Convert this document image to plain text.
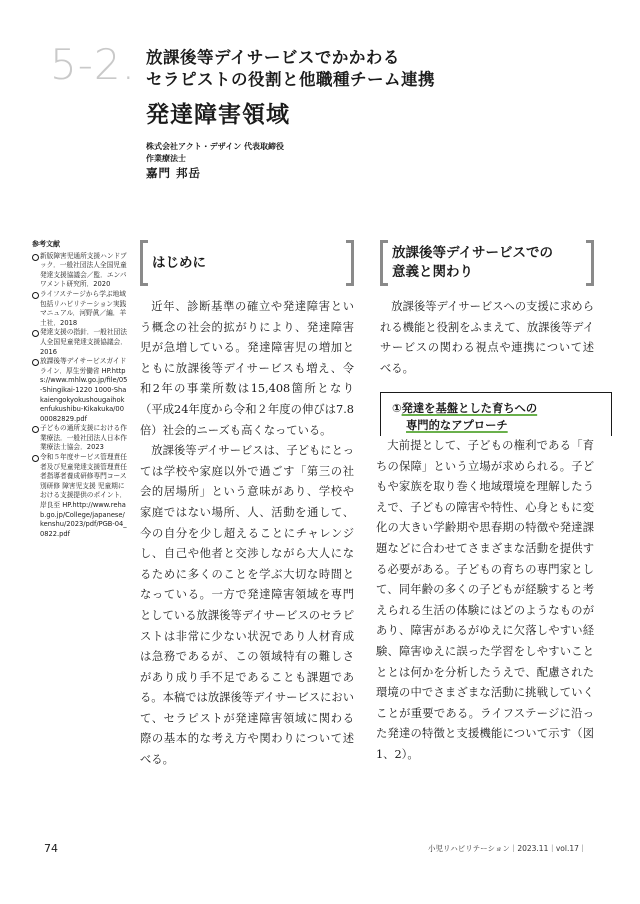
5-2. 放課後等デイサービスでかかわる
セラピストの役割と他職種チーム連携
発達障害領域
株式会社アクト・デザイン 代表取締役
作業療法士
嘉門 邦岳
参考文献
新版障害児通所支援ハンドブック．一般社団法人全国児童発達支援協議会／監．エンパワメント研究所．2020
ライフステージから学ぶ地域包括リハビリテーション実践マニュアル．河野眞／編．羊土社．2018
発達支援の指針．一般社団法人全国児童発達支援協議会．2016
放課後等デイサービスガイドライン．厚生労働省 HP.https://www.mhlw.go.jp/file/05-Shingikai-1220 1000-Shakaiengokyokushougaihokenfukushibu-Kikakuka/0000082829.pdf
子どもの通所支援における作業療法．一般社団法人日本作業療法士協会．2023
令和５年度サービス管理責任者及び児童発達支援管理責任者指導者養成研修専門コース別研修 障害児支援 児童期における支援提供のポイント．岸良至 HP.http://www.rehab.go.jp/College/japanese/kenshu/2023/pdf/PGB-04_0822.pdf
はじめに

近年、診断基準の確立や発達障害という概念の社会的拡がりにより、発達障害児が急増している。発達障害児の増加とともに放課後等デイサービスも増え、令和2年の事業所数は15,408箇所となり（平成24年度から令和２年度の伸びは7.8倍）社会的ニーズも高くなっている。

放課後等デイサービスは、子どもにとっては学校や家庭以外で過ごす「第三の社会的居場所」という意味があり、学校や家庭ではない場所、人、活動を通して、今の自分を少し超えることにチャレンジし、自己や他者と交渉しながら大人になるために多くのことを学ぶ大切な時間となっている。一方で発達障害領域を専門としている放課後等デイサービスのセラピストは非常に少ない状況であり人材育成は急務であるが、この領域特有の難しさがあり成り手不足であることも課題である。本稿では放課後等デイサービスにおいて、セラピストが発達障害領域に関わる際の基本的な考え方や関わりについて述べる。

放課後等デイサービスでの
意義と関わり

放課後等デイサービスへの支援に求められる機能と役割をふまえて、放課後等デイサービスの関わる視点や連携について述べる。

①発達を基盤とした育ちへの
専門的なアプローチ

大前提として、子どもの権利である「育ちの保障」という立場が求められる。子どもや家族を取り巻く地域環境を理解したうえで、子どもの障害や特性、心身ともに変化の大きい学齢期や思春期の特徴や発達課題などに合わせてさまざまな活動を提供する必要がある。子どもの育ちの専門家として、同年齢の多くの子どもが経験すると考えられる生活の体験にはどのようなものがあり、障害があるがゆえに欠落しやすい経験、障害ゆえに誤った学習をしやすいことととは何かを分析したうえで、配慮された環境の中でさまざまな活動に挑戦していくことが重要である。ライフステージに沿った発達の特徴と支援機能について示す（図1、2）。

74	小児リハビリテーション｜2023.11｜vol.17｜
